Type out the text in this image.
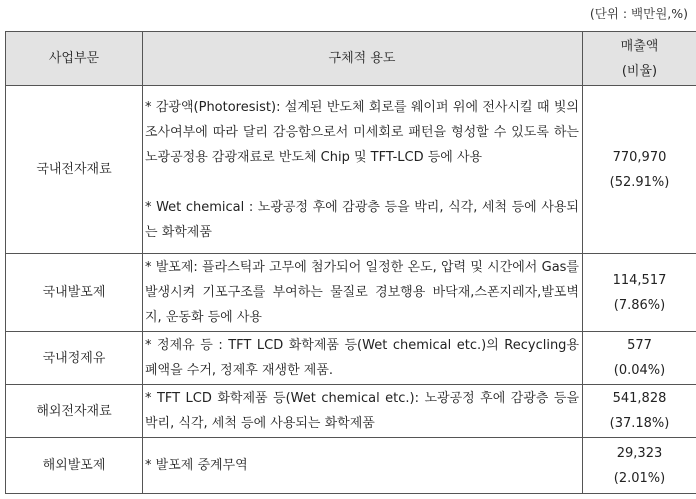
(단위 : 백만원,%)
사업부문	구체적 용도	매출액
(비율)

국내전자재료	* 감광액(Photoresist): 설계된 반도체 회로를 웨이퍼 위에 전사시킬 때 빛의 조사여부에 따라 달리 감응함으로서 미세회로 패턴을 형성할 수 있도록 하는 노광공정용 감광재료로 반도체 Chip 및 TFT-LCD 등에 사용
* Wet chemical : 노광공정 후에 감광층 등을 박리, 식각, 세척 등에 사용되는 화학제품	770,970
(52.91%)

국내발포제	* 발포제: 플라스틱과 고무에 첨가되어 일정한 온도, 압력 및 시간에서 Gas를 발생시켜 기포구조를 부여하는 물질로 경보행용 바닥재,스폰지레자,발포벽지, 운동화 등에 사용	114,517
(7.86%)

국내정제유	* 정제유 등 : TFT LCD 화학제품 등(Wet chemical etc.)의 Recycling용 폐액을 수거, 정제후 재생한 제품.	577
(0.04%)

해외전자재료	* TFT LCD 화학제품 등(Wet chemical etc.): 노광공정 후에 감광층 등을 박리, 식각, 세척 등에 사용되는 화학제품	541,828
(37.18%)

해외발포제	* 발포제 중계무역	29,323
(2.01%)
